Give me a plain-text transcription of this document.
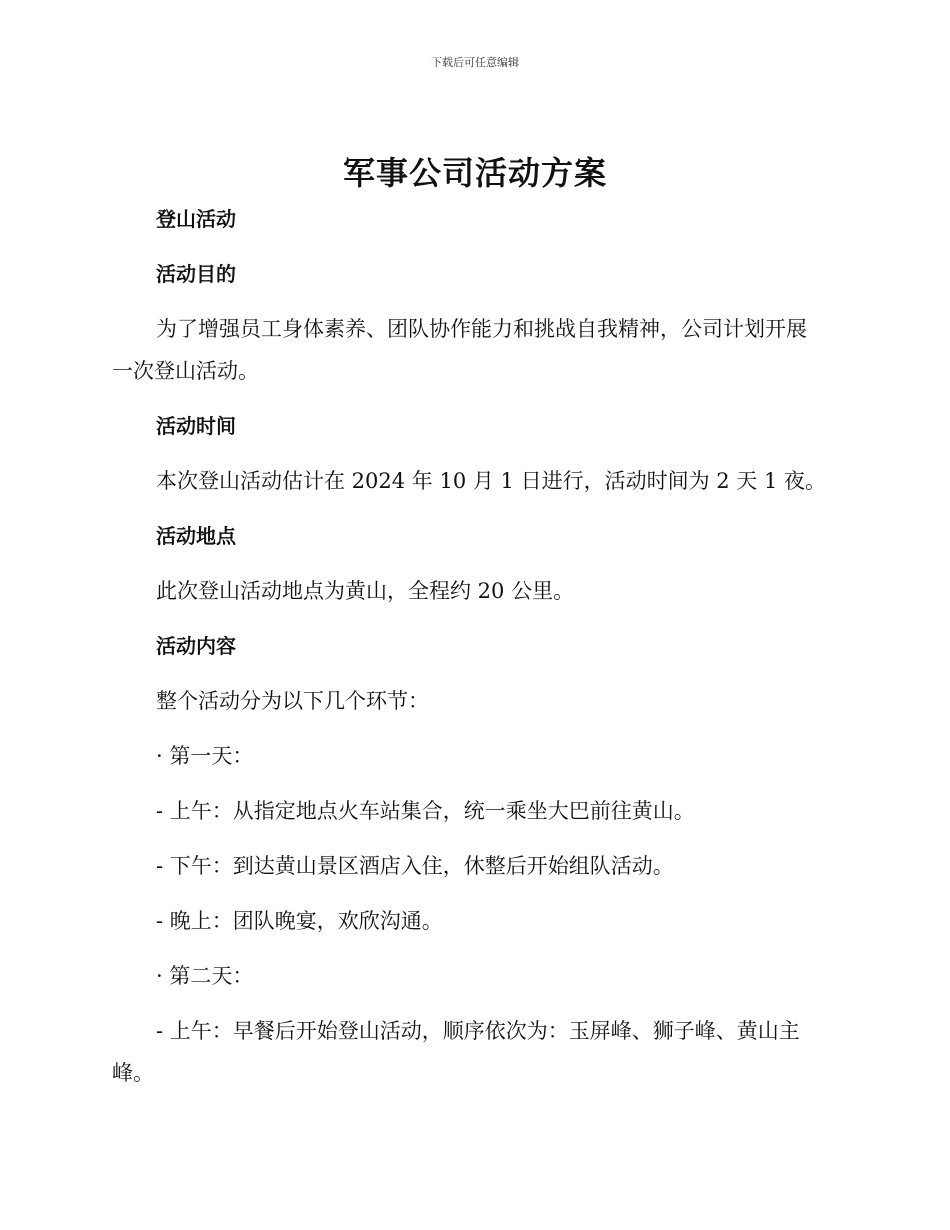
下载后可任意编辑
军事公司活动方案
登山活动
活动目的
为了增强员工身体素养、团队协作能力和挑战自我精神，公司计划开展
一次登山活动。
活动时间
本次登山活动估计在 2024 年 10 月 1 日进行，活动时间为 2 天 1 夜。
活动地点
此次登山活动地点为黄山，全程约 20 公里。
活动内容
整个活动分为以下几个环节：
· 第一天：
- 上午：从指定地点火车站集合，统一乘坐大巴前往黄山。
- 下午：到达黄山景区酒店入住，休整后开始组队活动。
- 晚上：团队晚宴，欢欣沟通。
· 第二天：
- 上午：早餐后开始登山活动，顺序依次为：玉屏峰、狮子峰、黄山主
峰。
